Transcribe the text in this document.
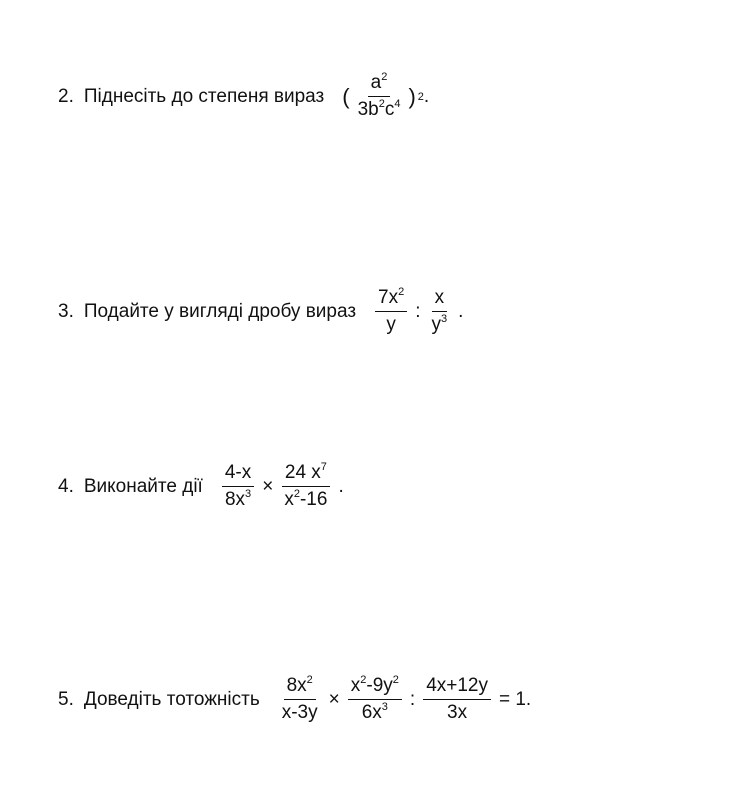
2. Піднесіть до степеня вираз ( $\frac{a^2}{3b^2c^4}$ ) 2 .
3. Подайте у вигляді дробу вираз $\frac{7x^2}{y}$ : $\frac{x}{y^3}$ .
4. Виконайте дії $\frac{4-x}{8x^3} \times \frac{24 x^7}{x^2-16}$ .
5. Доведіть тотожність $\frac{8x^2}{x-3y} \times \frac{x^2-9y^2}{6x^3}$ : $\frac{4x+12y}{3x} = 1$.
